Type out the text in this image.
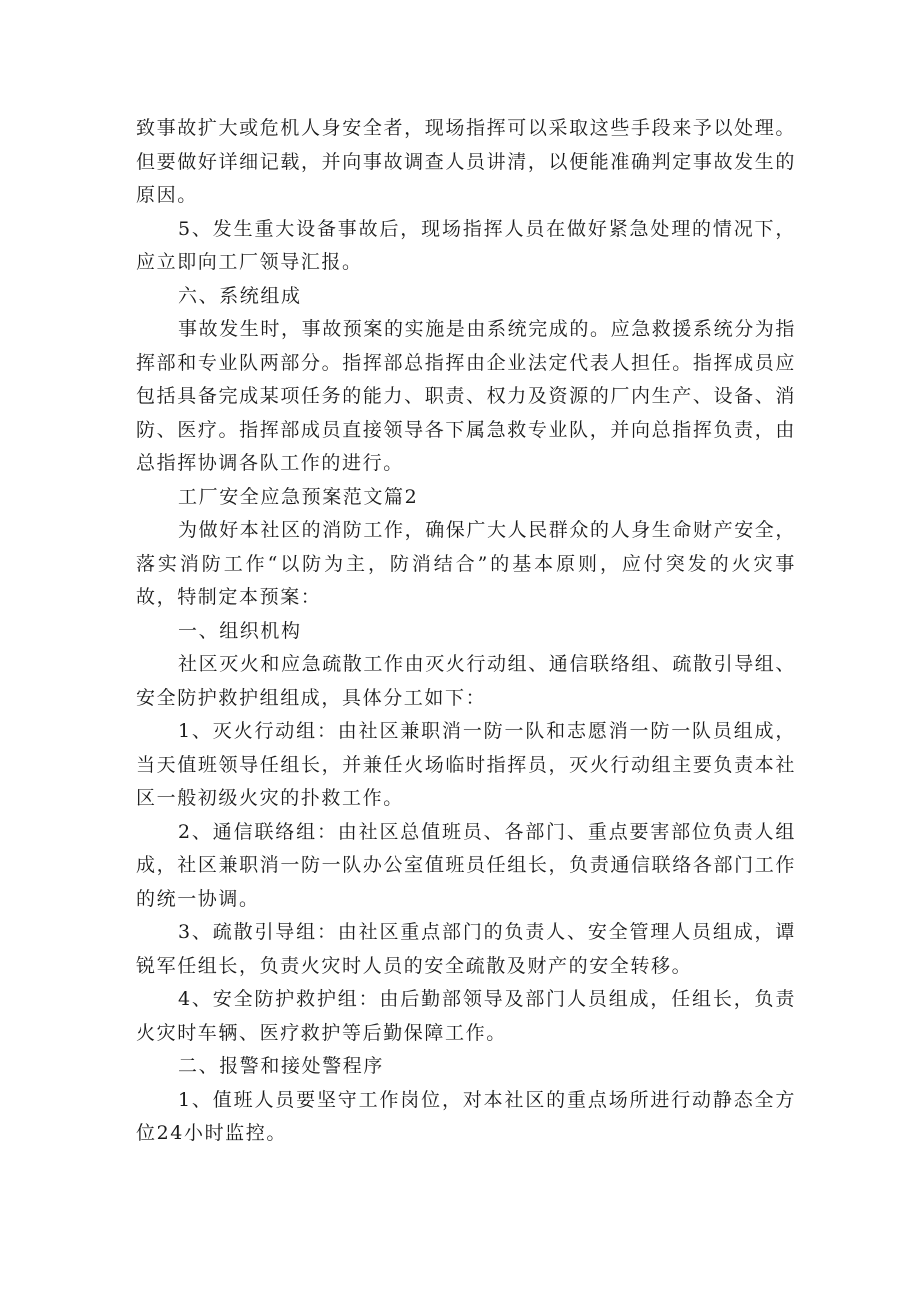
致事故扩大或危机人身安全者，现场指挥可以采取这些手段来予以处理。但要做好详细记载，并向事故调查人员讲清，以便能准确判定事故发生的原因。

5、发生重大设备事故后，现场指挥人员在做好紧急处理的情况下，应立即向工厂领导汇报。

六、系统组成

事故发生时，事故预案的实施是由系统完成的。应急救援系统分为指挥部和专业队两部分。指挥部总指挥由企业法定代表人担任。指挥成员应包括具备完成某项任务的能力、职责、权力及资源的厂内生产、设备、消防、医疗。指挥部成员直接领导各下属急救专业队，并向总指挥负责，由总指挥协调各队工作的进行。

工厂安全应急预案范文篇2

为做好本社区的消防工作，确保广大人民群众的人身生命财产安全，落实消防工作“以防为主，防消结合”的基本原则，应付突发的火灾事故，特制定本预案：

一、组织机构

社区灭火和应急疏散工作由灭火行动组、通信联络组、疏散引导组、安全防护救护组组成，具体分工如下：

1、灭火行动组：由社区兼职消一防一队和志愿消一防一队员组成，当天值班领导任组长，并兼任火场临时指挥员，灭火行动组主要负责本社区一般初级火灾的扑救工作。

2、通信联络组：由社区总值班员、各部门、重点要害部位负责人组成，社区兼职消一防一队办公室值班员任组长，负责通信联络各部门工作的统一协调。

3、疏散引导组：由社区重点部门的负责人、安全管理人员组成，谭锐军任组长，负责火灾时人员的安全疏散及财产的安全转移。

4、安全防护救护组：由后勤部领导及部门人员组成，任组长，负责火灾时车辆、医疗救护等后勤保障工作。

二、报警和接处警程序

1、值班人员要坚守工作岗位，对本社区的重点场所进行动静态全方位24小时监控。
